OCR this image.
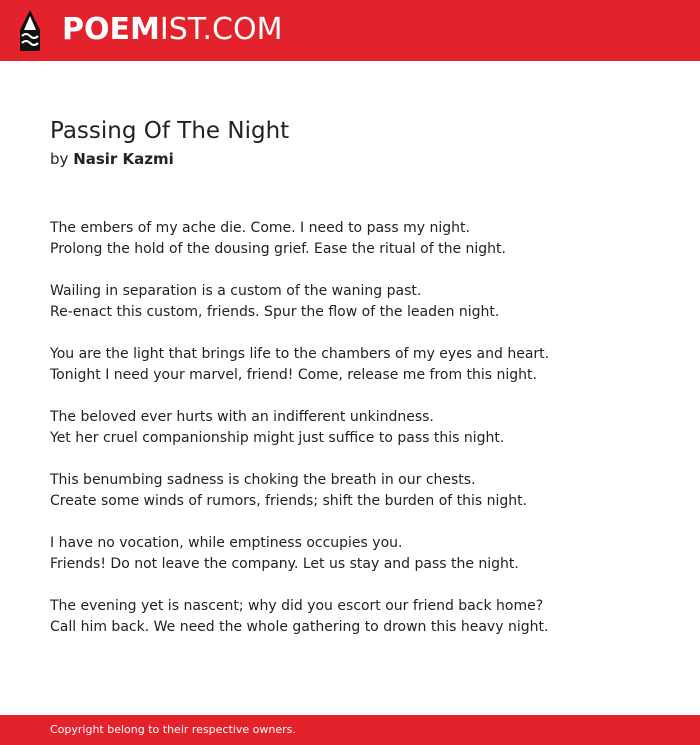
POEMIST.COM
Passing Of The Night
by Nasir Kazmi
The embers of my ache die. Come. I need to pass my night.
Prolong the hold of the dousing grief. Ease the ritual of the night.
Wailing in separation is a custom of the waning past.
Re-enact this custom, friends. Spur the flow of the leaden night.
You are the light that brings life to the chambers of my eyes and heart.
Tonight I need your marvel, friend! Come, release me from this night.
The beloved ever hurts with an indifferent unkindness.
Yet her cruel companionship might just suffice to pass this night.
This benumbing sadness is choking the breath in our chests.
Create some winds of rumors, friends; shift the burden of this night.
I have no vocation, while emptiness occupies you.
Friends! Do not leave the company. Let us stay and pass the night.
The evening yet is nascent; why did you escort our friend back home?
Call him back. We need the whole gathering to drown this heavy night.
Copyright belong to their respective owners.
